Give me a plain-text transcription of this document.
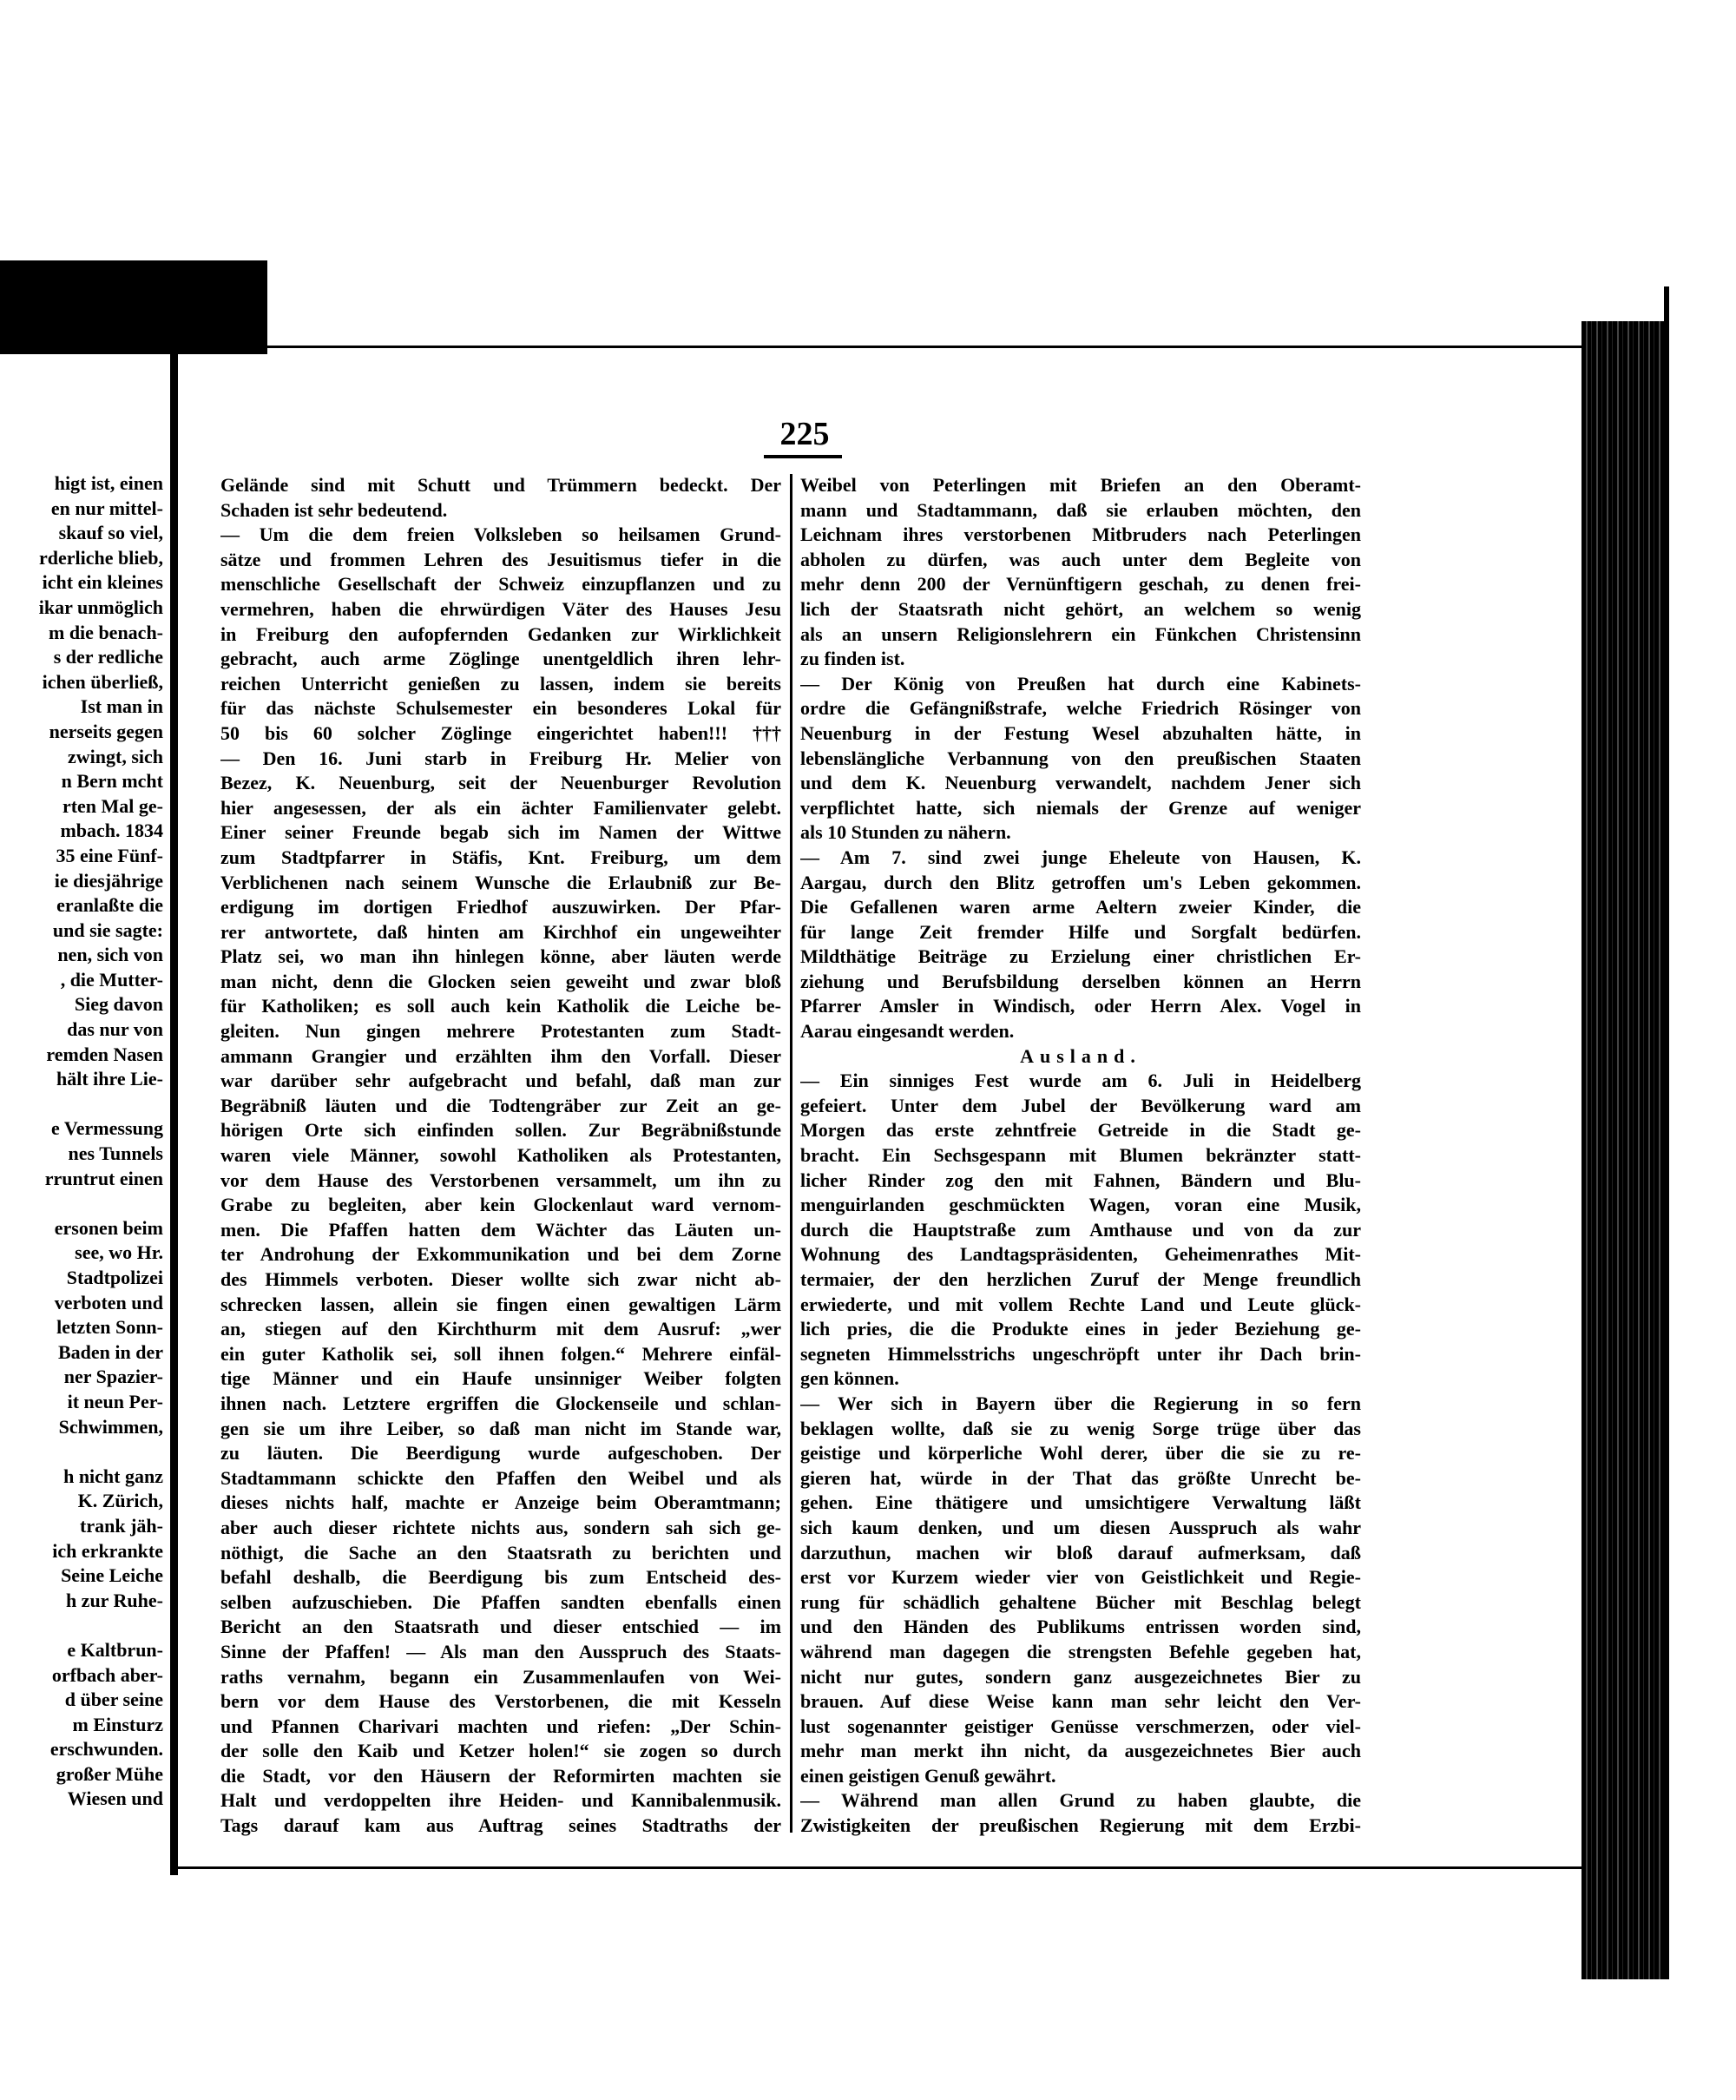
225
higt ist, einen
en nur mittel-
skauf so viel,
rderliche blieb,
icht ein kleines
ikar unmöglich
m die benach-
s der redliche
ichen überließ,
Ist man in
nerseits gegen
zwingt, sich
n Bern mcht
rten Mal ge-
mbach. 1834
35 eine Fünf-
ie diesjährige
eranlaßte die
und sie sagte:
nen, sich von
, die Mutter-
Sieg davon
das nur von
remden Nasen
hält ihre Lie-
e Vermessung
nes Tunnels
rruntrut einen
ersonen beim
see, wo Hr.
Stadtpolizei
verboten und
letzten Sonn-
Baden in der
ner Spazier-
it neun Per-
Schwimmen,
h nicht ganz
K. Zürich,
trank jäh-
ich erkrankte
Seine Leiche
h zur Ruhe-
e Kaltbrun-
orfbach aber-
d über seine
m Einsturz
erschwunden.
großer Mühe
Wiesen und
Gelände sind mit Schutt und Trümmern bedeckt. Der
Schaden ist sehr bedeutend.
— Um die dem freien Volksleben so heilsamen Grund-
sätze und frommen Lehren des Jesuitismus tiefer in die
menschliche Gesellschaft der Schweiz einzupflanzen und zu
vermehren, haben die ehrwürdigen Väter des Hauses Jesu
in Freiburg den aufopfernden Gedanken zur Wirklichkeit
gebracht, auch arme Zöglinge unentgeldlich ihren lehr-
reichen Unterricht genießen zu lassen, indem sie bereits
für das nächste Schulsemester ein besonderes Lokal für
50 bis 60 solcher Zöglinge eingerichtet haben!!! †††
— Den 16. Juni starb in Freiburg Hr. Melier von
Bezez, K. Neuenburg, seit der Neuenburger Revolution
hier angesessen, der als ein ächter Familienvater gelebt.
Einer seiner Freunde begab sich im Namen der Wittwe
zum Stadtpfarrer in Stäfis, Knt. Freiburg, um dem
Verblichenen nach seinem Wunsche die Erlaubniß zur Be-
erdigung im dortigen Friedhof auszuwirken. Der Pfar-
rer antwortete, daß hinten am Kirchhof ein ungeweihter
Platz sei, wo man ihn hinlegen könne, aber läuten werde
man nicht, denn die Glocken seien geweiht und zwar bloß
für Katholiken; es soll auch kein Katholik die Leiche be-
gleiten. Nun gingen mehrere Protestanten zum Stadt-
ammann Grangier und erzählten ihm den Vorfall. Dieser
war darüber sehr aufgebracht und befahl, daß man zur
Begräbniß läuten und die Todtengräber zur Zeit an ge-
hörigen Orte sich einfinden sollen. Zur Begräbnißstunde
waren viele Männer, sowohl Katholiken als Protestanten,
vor dem Hause des Verstorbenen versammelt, um ihn zu
Grabe zu begleiten, aber kein Glockenlaut ward vernom-
men. Die Pfaffen hatten dem Wächter das Läuten un-
ter Androhung der Exkommunikation und bei dem Zorne
des Himmels verboten. Dieser wollte sich zwar nicht ab-
schrecken lassen, allein sie fingen einen gewaltigen Lärm
an, stiegen auf den Kirchthurm mit dem Ausruf: „wer
ein guter Katholik sei, soll ihnen folgen.“ Mehrere einfäl-
tige Männer und ein Haufe unsinniger Weiber folgten
ihnen nach. Letztere ergriffen die Glockenseile und schlan-
gen sie um ihre Leiber, so daß man nicht im Stande war,
zu läuten. Die Beerdigung wurde aufgeschoben. Der
Stadtammann schickte den Pfaffen den Weibel und als
dieses nichts half, machte er Anzeige beim Oberamtmann;
aber auch dieser richtete nichts aus, sondern sah sich ge-
nöthigt, die Sache an den Staatsrath zu berichten und
befahl deshalb, die Beerdigung bis zum Entscheid des-
selben aufzuschieben. Die Pfaffen sandten ebenfalls einen
Bericht an den Staatsrath und dieser entschied — im
Sinne der Pfaffen! — Als man den Ausspruch des Staats-
raths vernahm, begann ein Zusammenlaufen von Wei-
bern vor dem Hause des Verstorbenen, die mit Kesseln
und Pfannen Charivari machten und riefen: „Der Schin-
der solle den Kaib und Ketzer holen!“ sie zogen so durch
die Stadt, vor den Häusern der Reformirten machten sie
Halt und verdoppelten ihre Heiden- und Kannibalenmusik.
Tags darauf kam aus Auftrag seines Stadtraths der
Weibel von Peterlingen mit Briefen an den Oberamt-
mann und Stadtammann, daß sie erlauben möchten, den
Leichnam ihres verstorbenen Mitbruders nach Peterlingen
abholen zu dürfen, was auch unter dem Begleite von
mehr denn 200 der Vernünftigern geschah, zu denen frei-
lich der Staatsrath nicht gehört, an welchem so wenig
als an unsern Religionslehrern ein Fünkchen Christensinn
zu finden ist.
— Der König von Preußen hat durch eine Kabinets-
ordre die Gefängnißstrafe, welche Friedrich Rösinger von
Neuenburg in der Festung Wesel abzuhalten hätte, in
lebenslängliche Verbannung von den preußischen Staaten
und dem K. Neuenburg verwandelt, nachdem Jener sich
verpflichtet hatte, sich niemals der Grenze auf weniger
als 10 Stunden zu nähern.
— Am 7. sind zwei junge Eheleute von Hausen, K.
Aargau, durch den Blitz getroffen um's Leben gekommen.
Die Gefallenen waren arme Aeltern zweier Kinder, die
für lange Zeit fremder Hilfe und Sorgfalt bedürfen.
Mildthätige Beiträge zu Erzielung einer christlichen Er-
ziehung und Berufsbildung derselben können an Herrn
Pfarrer Amsler in Windisch, oder Herrn Alex. Vogel in
Aarau eingesandt werden.
Ausland.
— Ein sinniges Fest wurde am 6. Juli in Heidelberg
gefeiert. Unter dem Jubel der Bevölkerung ward am
Morgen das erste zehntfreie Getreide in die Stadt ge-
bracht. Ein Sechsgespann mit Blumen bekränzter statt-
licher Rinder zog den mit Fahnen, Bändern und Blu-
menguirlanden geschmückten Wagen, voran eine Musik,
durch die Hauptstraße zum Amthause und von da zur
Wohnung des Landtagspräsidenten, Geheimenrathes Mit-
termaier, der den herzlichen Zuruf der Menge freundlich
erwiederte, und mit vollem Rechte Land und Leute glück-
lich pries, die die Produkte eines in jeder Beziehung ge-
segneten Himmelsstrichs ungeschröpft unter ihr Dach brin-
gen können.
— Wer sich in Bayern über die Regierung in so fern
beklagen wollte, daß sie zu wenig Sorge trüge über das
geistige und körperliche Wohl derer, über die sie zu re-
gieren hat, würde in der That das größte Unrecht be-
gehen. Eine thätigere und umsichtigere Verwaltung läßt
sich kaum denken, und um diesen Ausspruch als wahr
darzuthun, machen wir bloß darauf aufmerksam, daß
erst vor Kurzem wieder vier von Geistlichkeit und Regie-
rung für schädlich gehaltene Bücher mit Beschlag belegt
und den Händen des Publikums entrissen worden sind,
während man dagegen die strengsten Befehle gegeben hat,
nicht nur gutes, sondern ganz ausgezeichnetes Bier zu
brauen. Auf diese Weise kann man sehr leicht den Ver-
lust sogenannter geistiger Genüsse verschmerzen, oder viel-
mehr man merkt ihn nicht, da ausgezeichnetes Bier auch
einen geistigen Genuß gewährt.
— Während man allen Grund zu haben glaubte, die
Zwistigkeiten der preußischen Regierung mit dem Erzbi-
